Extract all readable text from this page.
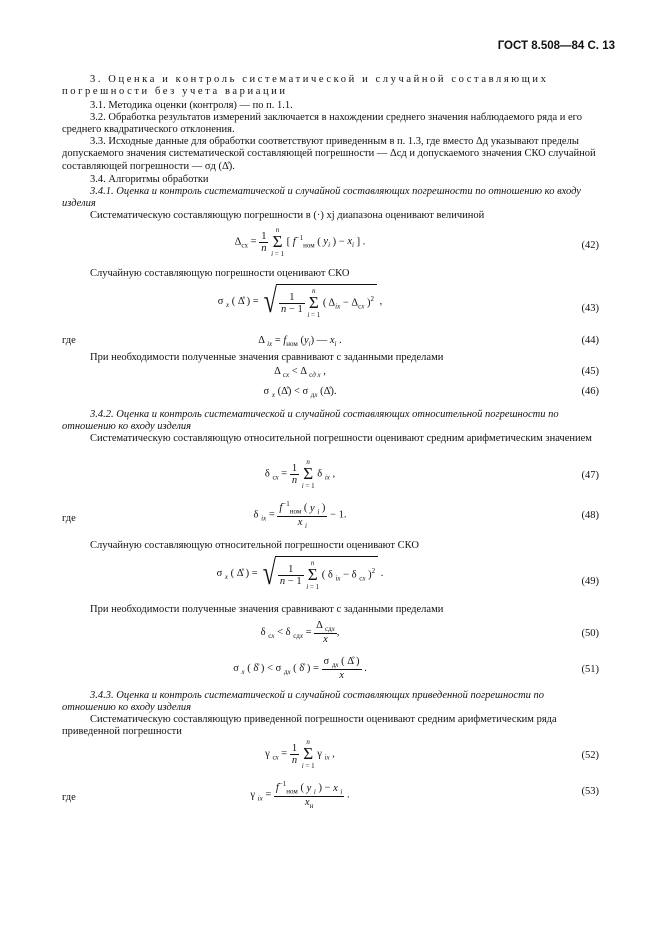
ГОСТ 8.508—84 С. 13
3. Оценка и контроль систематической и случайной составляющих погрешности без учета вариации
3.1. Методика оценки (контроля) — по п. 1.1.
3.2. Обработка результатов измерений заключается в нахождении среднего значения наблюдаемого ряда и его среднего квадратического отклонения.
3.3. Исходные данные для обработки соответствуют приведенным в п. 1.3, где вместо Δд указывают пределы допускаемого значения систематической составляющей погрешности — Δсд и допускаемого значения СКО случайной составляющей погрешности — σд (Δ̊).
3.4. Алгоритмы обработки
3.4.1. Оценка и контроль систематической и случайной составляющих погрешности по отношению ко входу изделия
Систематическую составляющую погрешности в (·) xj диапазона оценивают величиной
$\Delta_{cx} = \frac{1}{n}$
n
Σ
i = 1 [ $f^{-1}_{ном}$ ( $y_i$ ) − $x_i$ ] .	(42)
Случайную составляющую погрешности оценивают СКО
σ $_x$ ( Δ̊ ) = √ $\frac{1}{n - 1}$
n
Σ
i = 1 ( $\Delta_{ix} - \Delta_{cx}$ )$^2$ ,
(43)
где	Δ $_{ix} = f_{ном}$ $(y_i)$ — $x_i$ .	(44)
При необходимости полученные значения сравнивают с заданными пределами
Δ $_{cx}$ < Δ $_{cд x}$ ,	(45)
σ $_x$ (Δ̊) < σ $_{дx}$ (Δ̊).	(46)
3.4.2. Оценка и контроль систематической и случайной составляющих относительной погрешности по отношению ко входу изделия
Систематическую составляющую относительной погрешности оценивают средним арифметическим значением
δ $_{cx} = \frac{1}{n}$
n
Σ
i = 1 δ $_{ix}$ ,	(47)
где	δ $_{ix} = \frac{f^{-1}_{ном} ( y _i )}{x _i} - 1$.	(48)
Случайную составляющую относительной погрешности оценивают СКО
σ $_x$ ( Δ̊ ) = √ $\frac{1}{n - 1}$
n
Σ
i = 1 ( δ $_{ix}$ − δ $_{cx}$ )$^2$ .
(49)
При необходимости полученные значения сравнивают с заданными пределами
δ $_{cx}$ < δ $_{cдx} = \frac{\Delta _{cдx}}{x}$ ,	(50)
σ $_x$ ( δ̊ ) < σ $_{дx}$ ( δ̊ ) = $\frac{\sigma _{дx} ( \Deltå )}{x}$ .	(51)
3.4.3. Оценка и контроль систематической и случайной составляющих приведенной погрешности по отношению ко входу изделия
Систематическую составляющую приведенной погрешности оценивают средним арифметическим ряда приведенной погрешности
γ $_{cx} = \frac{1}{n}$
n
Σ
i = 1 γ $_{ix}$ ,	(52)
где	γ $_{ix} = \frac{f^{-1}_{ном} ( y _i ) - x _i}{x_н}$ .	(53)
